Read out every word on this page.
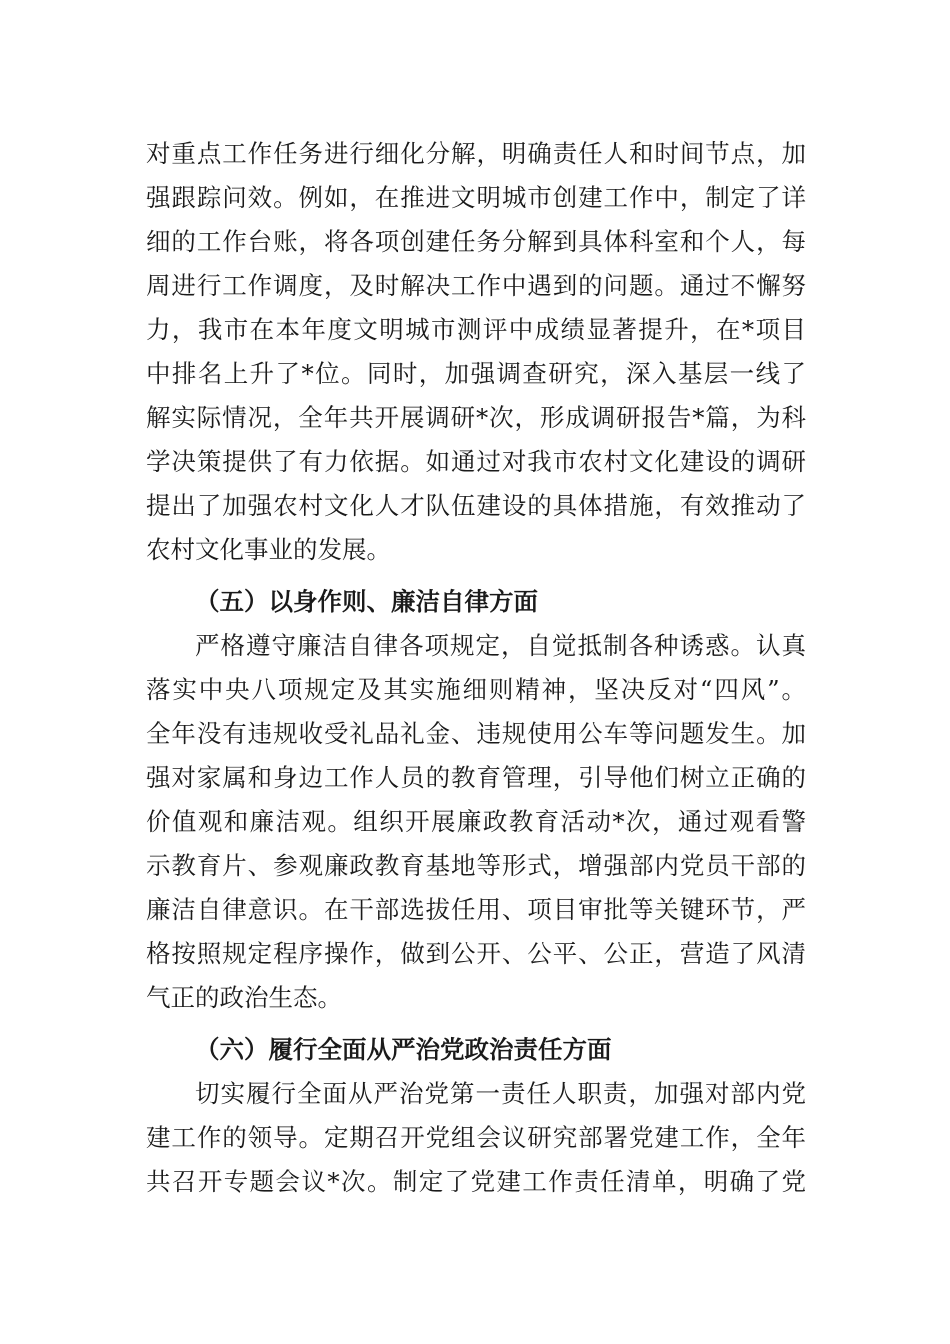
对重点工作任务进行细化分解，明确责任人和时间节点，加
强跟踪问效。例如，在推进文明城市创建工作中，制定了详
细的工作台账，将各项创建任务分解到具体科室和个人，每
周进行工作调度，及时解决工作中遇到的问题。通过不懈努
力，我市在本年度文明城市测评中成绩显著提升，在*项目
中排名上升了*位。同时，加强调查研究，深入基层一线了
解实际情况，全年共开展调研*次，形成调研报告*篇，为科
学决策提供了有力依据。如通过对我市农村文化建设的调研
提出了加强农村文化人才队伍建设的具体措施，有效推动了
农村文化事业的发展。
（五）以身作则、廉洁自律方面
严格遵守廉洁自律各项规定，自觉抵制各种诱惑。认真
落实中央八项规定及其实施细则精神，坚决反对“四风”。
全年没有违规收受礼品礼金、违规使用公车等问题发生。加
强对家属和身边工作人员的教育管理，引导他们树立正确的
价值观和廉洁观。组织开展廉政教育活动*次，通过观看警
示教育片、参观廉政教育基地等形式，增强部内党员干部的
廉洁自律意识。在干部选拔任用、项目审批等关键环节，严
格按照规定程序操作，做到公开、公平、公正，营造了风清
气正的政治生态。
（六）履行全面从严治党政治责任方面
切实履行全面从严治党第一责任人职责，加强对部内党
建工作的领导。定期召开党组会议研究部署党建工作，全年
共召开专题会议*次。制定了党建工作责任清单，明确了党
